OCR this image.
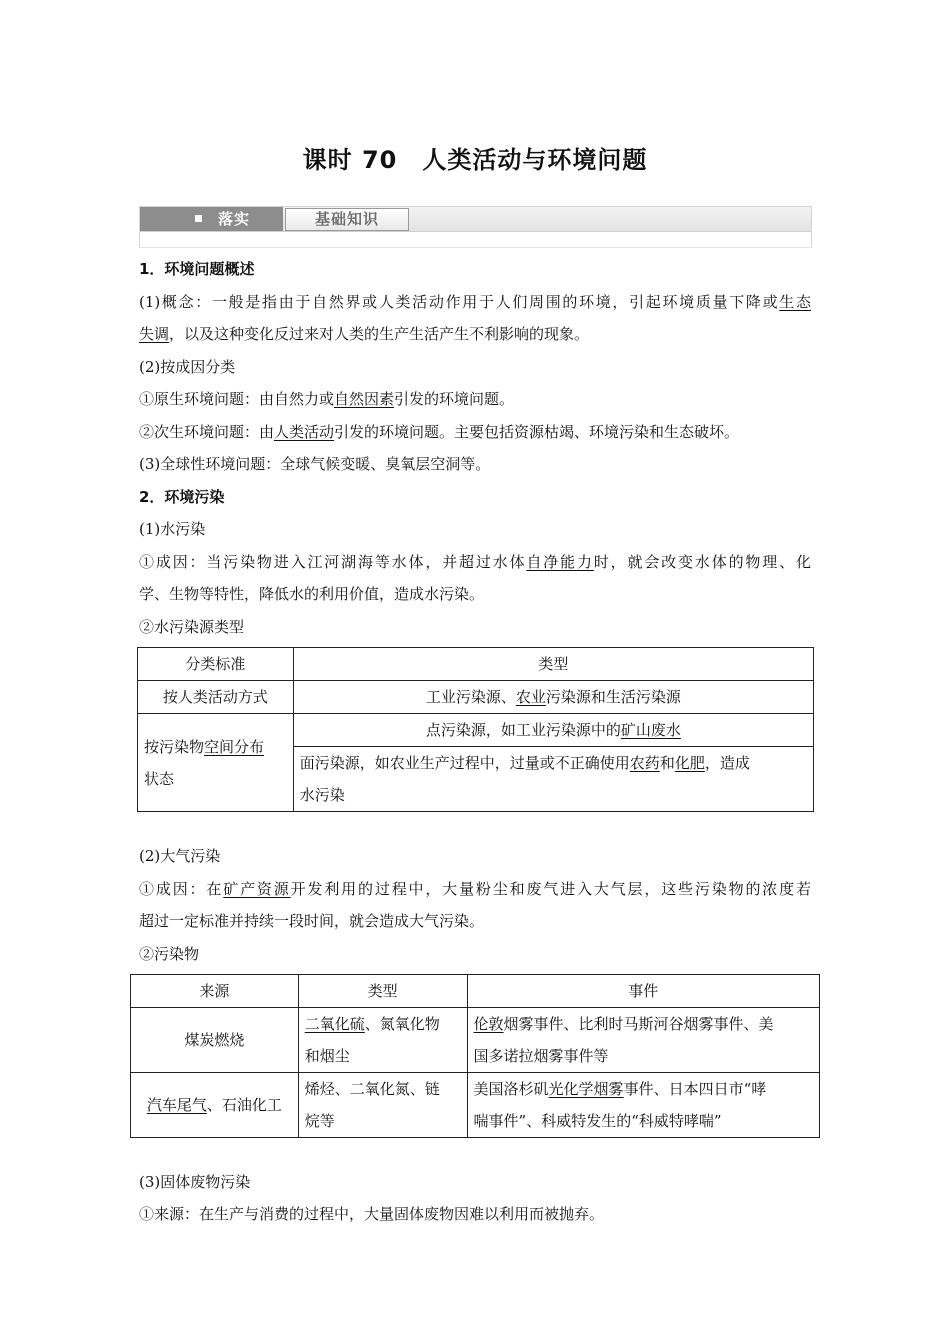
课时 70　人类活动与环境问题
落实	基础知识
1．环境问题概述
(1)概念：一般是指由于自然界或人类活动作用于人们周围的环境，引起环境质量下降或生态
失调，以及这种变化反过来对人类的生产生活产生不利影响的现象。
(2)按成因分类
①原生环境问题：由自然力或自然因素引发的环境问题。
②次生环境问题：由人类活动引发的环境问题。主要包括资源枯竭、环境污染和生态破坏。
(3)全球性环境问题：全球气候变暖、臭氧层空洞等。
2．环境污染
(1)水污染
①成因：当污染物进入江河湖海等水体，并超过水体自净能力时，就会改变水体的物理、化
学、生物等特性，降低水的利用价值，造成水污染。
②水污染源类型
分类标准	类型
按人类活动方式	工业污染源、农业污染源和生活污染源
按污染物空间分布
状态	点污染源，如工业污染源中的矿山废水
	面污染源，如农业生产过程中，过量或不正确使用农药和化肥，造成
水污染
(2)大气污染
①成因：在矿产资源开发利用的过程中，大量粉尘和废气进入大气层，这些污染物的浓度若
超过一定标准并持续一段时间，就会造成大气污染。
②污染物
来源	类型	事件
煤炭燃烧	二氧化硫、氮氧化物
和烟尘	伦敦烟雾事件、比利时马斯河谷烟雾事件、美
国多诺拉烟雾事件等
汽车尾气、石油化工	烯烃、二氧化氮、链
烷等	美国洛杉矶光化学烟雾事件、日本四日市“哮
喘事件”、科威特发生的“科威特哮喘”
(3)固体废物污染
①来源：在生产与消费的过程中，大量固体废物因难以利用而被抛弃。
